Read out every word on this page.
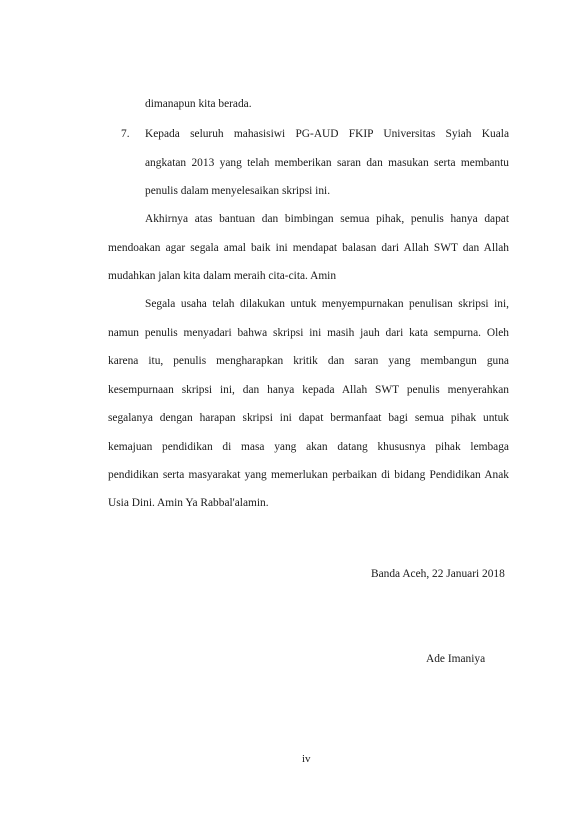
dimanapun kita berada.

7. Kepada seluruh mahasisiwi PG-AUD FKIP Universitas Syiah Kuala

angkatan 2013 yang telah memberikan saran dan masukan serta membantu

penulis dalam menyelesaikan skripsi ini.

Akhirnya atas bantuan dan bimbingan semua pihak, penulis hanya dapat

mendoakan agar segala amal baik ini mendapat balasan dari Allah SWT dan Allah

mudahkan jalan kita dalam meraih cita-cita. Amin

Segala usaha telah dilakukan untuk menyempurnakan penulisan skripsi ini,

namun penulis menyadari bahwa skripsi ini masih jauh dari kata sempurna. Oleh

karena itu, penulis mengharapkan kritik dan saran yang membangun guna

kesempurnaan skripsi ini, dan hanya kepada Allah SWT penulis menyerahkan

segalanya dengan harapan skripsi ini dapat bermanfaat bagi semua pihak untuk

kemajuan pendidikan di masa yang akan datang khususnya pihak lembaga

pendidikan serta masyarakat yang memerlukan perbaikan di bidang Pendidikan Anak

Usia Dini. Amin Ya Rabbal'alamin.

Banda Aceh, 22 Januari 2018

Ade Imaniya

iv
